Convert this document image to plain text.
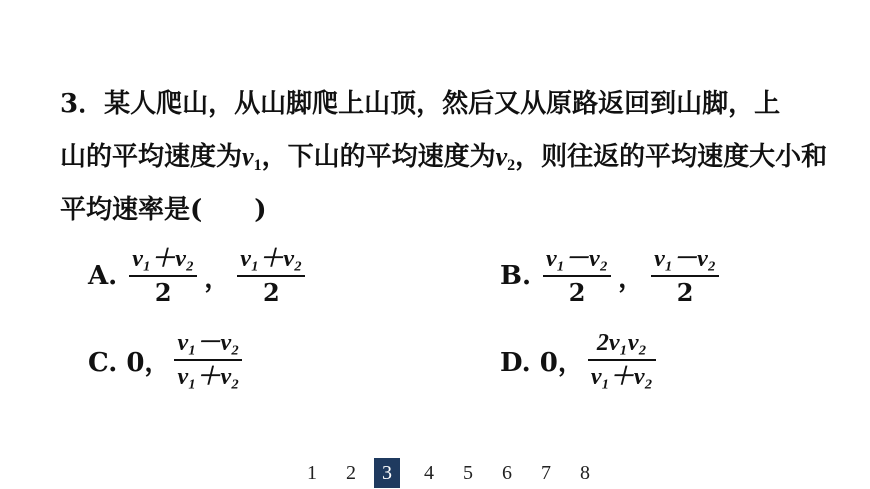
3．某人爬山，从山脚爬上山顶，然后又从原路返回到山脚，上
山的平均速度为$v_1$，下山的平均速度为$v_2$，则往返的平均速度大小和
平均速率是(　　)
A. $\frac{\text{v₁＋v₂}}{2}$ ， $\frac{\text{v₁＋v₂}}{2}$	B. $\frac{\text{v₁－v₂}}{2}$ ， $\frac{\text{v₁－v₂}}{2}$
C. 0， $\frac{\text{v₁－v₂}}{\text{v₁＋v₂}}$	D. 0， $\frac{\text{2v₁v₂}}{\text{v₁＋v₂}}$
1	2	3	4	5	6	7	8
